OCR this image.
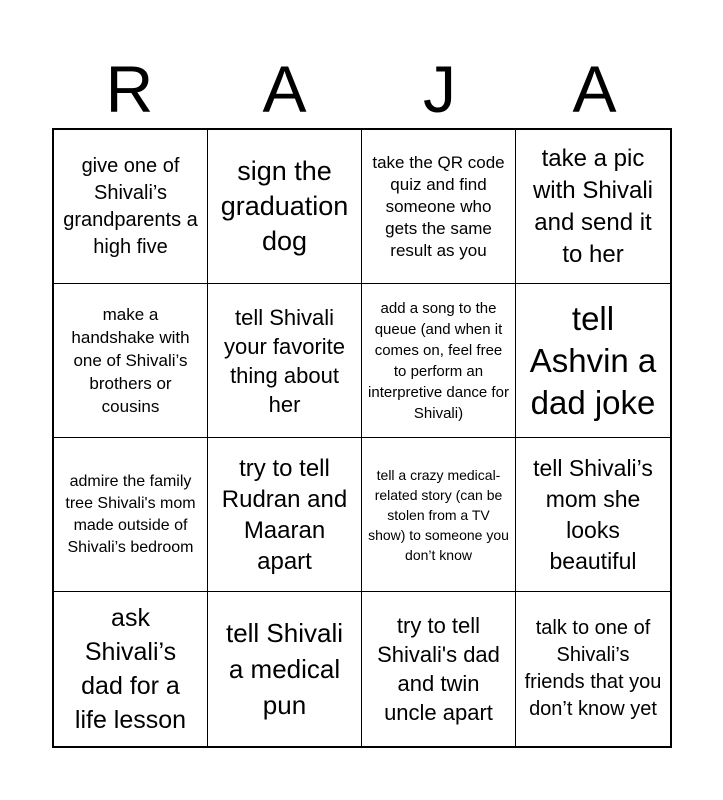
R	A	J	A
give one of Shivali’s grandparents a high five
sign the graduation dog
take the QR code quiz and find someone who gets the same result as you
take a pic with Shivali and send it to her
make a handshake with one of Shivali’s brothers or cousins
tell Shivali your favorite thing about her
add a song to the queue (and when it comes on, feel free to perform an interpretive dance for Shivali)
tell Ashvin a dad joke
admire the family tree Shivali's mom made outside of Shivali’s bedroom
try to tell Rudran and Maaran apart
tell a crazy medical-related story (can be stolen from a TV show) to someone you don’t know
tell Shivali’s mom she looks beautiful
ask Shivali’s dad for a life lesson
tell Shivali a medical pun
try to tell Shivali's dad and twin uncle apart
talk to one of Shivali’s friends that you don’t know yet
